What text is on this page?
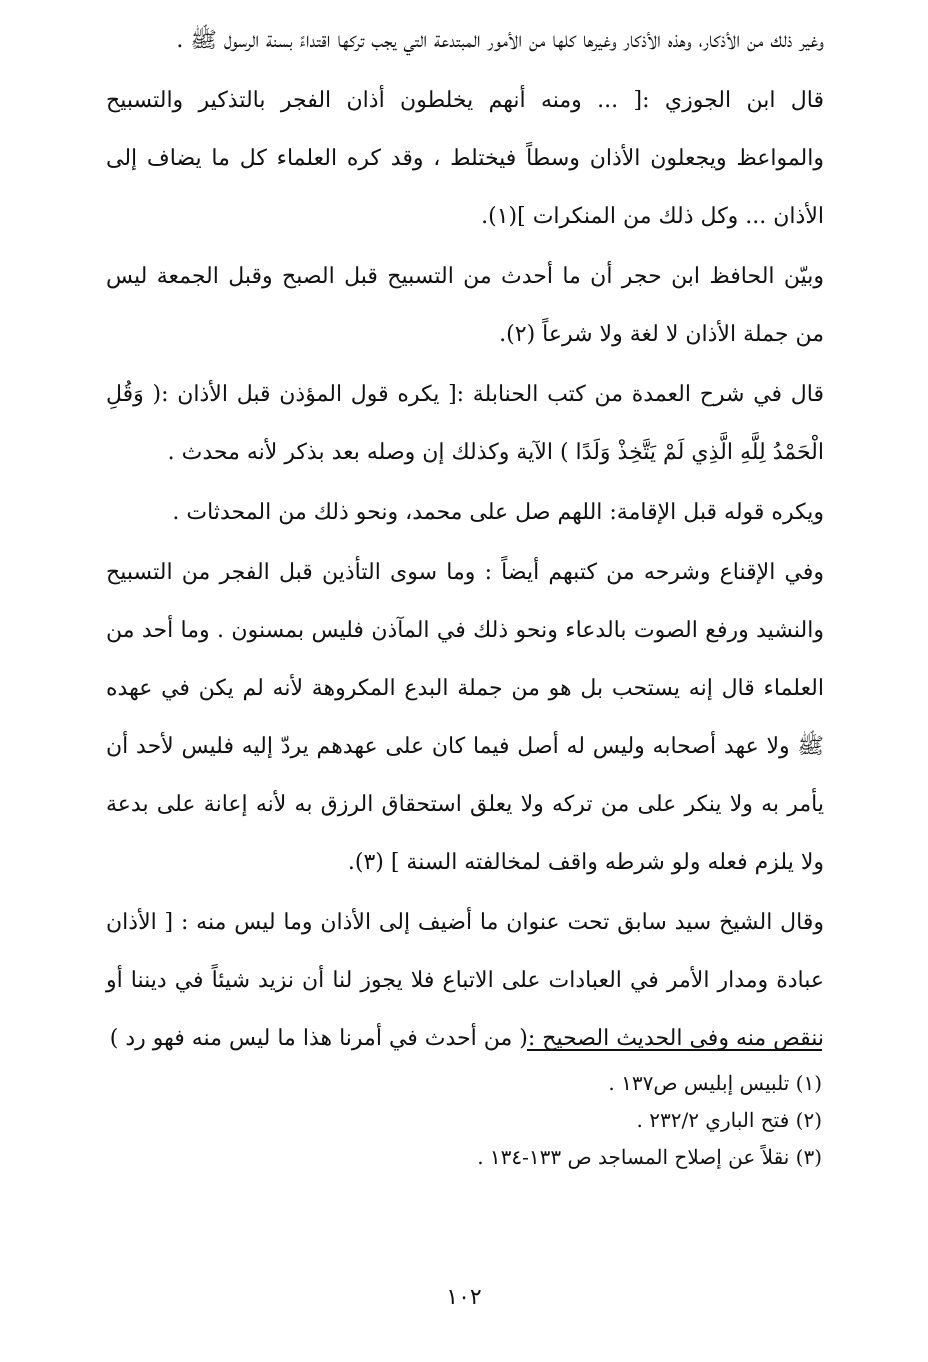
وغير ذلك من الأذكار، وهذه الأذكار وغيرها كلها من الأمور المبتدعة التي يجب تركها اقتداءً بسنة الرسول ﷺ .

قال ابن الجوزي :[ ... ومنه أنهم يخلطون أذان الفجر بالتذكير والتسبيح والمواعظ ويجعلون الأذان وسطاً فيختلط ، وقد كره العلماء كل ما يضاف إلى الأذان ... وكل ذلك من المنكرات ](١).

وبيّن الحافظ ابن حجر أن ما أحدث من التسبيح قبل الصبح وقبل الجمعة ليس من جملة الأذان لا لغة ولا شرعاً (٢).

قال في شرح العمدة من كتب الحنابلة :[ يكره قول المؤذن قبل الأذان :( وَقُلِ الْحَمْدُ لِلَّهِ الَّذِي لَمْ يَتَّخِذْ وَلَدًا ) الآية وكذلك إن وصله بعد بذكر لأنه محدث .

ويكره قوله قبل الإقامة: اللهم صل على محمد، ونحو ذلك من المحدثات .

وفي الإقناع وشرحه من كتبهم أيضاً : وما سوى التأذين قبل الفجر من التسبيح والنشيد ورفع الصوت بالدعاء ونحو ذلك في المآذن فليس بمسنون . وما أحد من العلماء قال إنه يستحب بل هو من جملة البدع المكروهة لأنه لم يكن في عهده ﷺ ولا عهد أصحابه وليس له أصل فيما كان على عهدهم يردّ إليه فليس لأحد أن يأمر به ولا ينكر على من تركه ولا يعلق استحقاق الرزق به لأنه إعانة على بدعة ولا يلزم فعله ولو شرطه واقف لمخالفته السنة ] (٣).

وقال الشيخ سيد سابق تحت عنوان ما أضيف إلى الأذان وما ليس منه : [ الأذان عبادة ومدار الأمر في العبادات على الاتباع فلا يجوز لنا أن نزيد شيئاً في ديننا أو ننقص منه وفي الحديث الصحيح :( من أحدث في أمرنا هذا ما ليس منه فهو رد )

(١) تلبيس إبليس ص١٣٧ .
(٢) فتح الباري ٢٣٢/٢ .
(٣) نقلاً عن إصلاح المساجد ص ١٣٣-١٣٤ .
١٠٢
